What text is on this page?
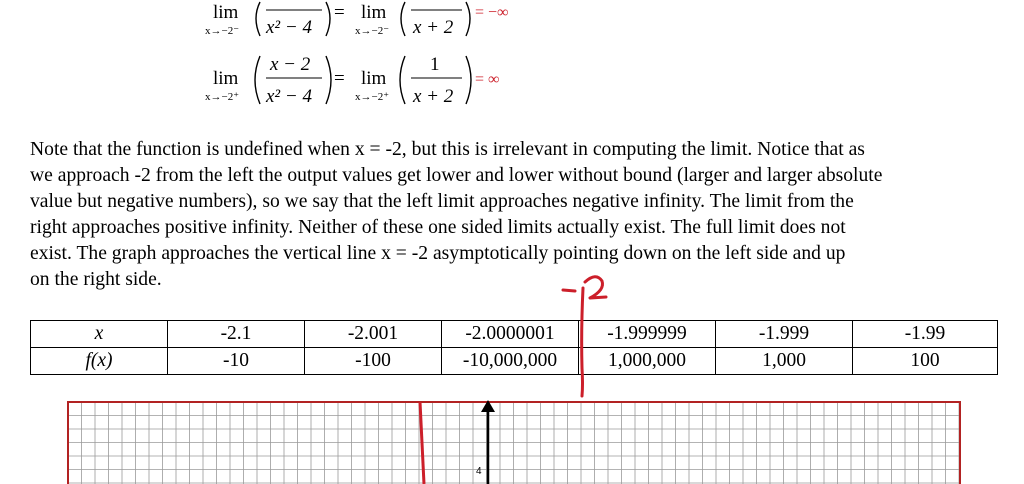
lim
x→−2⁻ x² − 4
= lim
x→−2⁻ x + 2
= −∞
lim
x→−2⁺
x − 2
x² − 4
= lim
x→−2⁺
1
x + 2
= ∞
Note that the function is undefined when x = -2, but this is irrelevant in computing the limit. Notice that as
we approach -2 from the left the output values get lower and lower without bound (larger and larger absolute
value but negative numbers), so we say that the left limit approaches negative infinity. The limit from the
right approaches positive infinity. Neither of these one sided limits actually exist. The full limit does not
exist. The graph approaches the vertical line x = -2 asymptotically pointing down on the left side and up
on the right side.
x	-2.1	-2.001	-2.0000001	-1.999999	-1.999	-1.99
f(x)	-10	-100	-10,000,000	1,000,000	1,000	100
4
